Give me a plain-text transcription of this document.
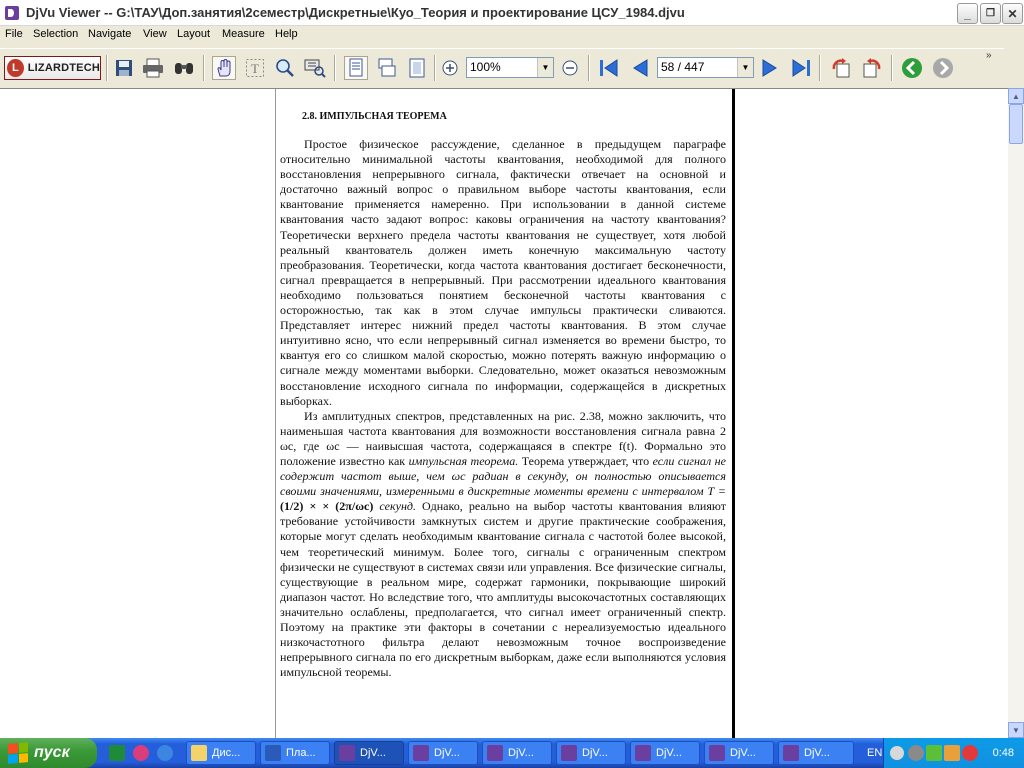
DjVu Viewer -- G:\ТАУ\Доп.занятия\2семестр\Дискретные\Куо_Теория и проектирование ЦСУ_1984.djvu	_ ❐ ✕
File Selection Navigate View Layout Measure Help
L LIZARDTECH	T	100%	▼	58 / 447	▼
»
2.8. ИМПУЛЬСНАЯ ТЕОРЕМА

Простое физическое рассуждение, сделанное в предыдущем параграфе относительно минимальной частоты квантования, необходимой для полного восстановления непрерывного сигнала, фактически отвечает на основной и достаточно важный вопрос о правильном выборе частоты квантования, если квантование применяется намеренно. При использовании в данной системе квантования часто задают вопрос: каковы ограничения на частоту квантования? Теоретически верхнего предела частоты квантования не существует, хотя любой реальный квантователь должен иметь конечную максимальную частоту преобразования. Теоретически, когда частота квантования достигает бесконечности, сигнал превращается в непрерывный. При рассмотрении идеального квантования необходимо пользоваться понятием бесконечной частоты квантования с осторожностью, так как в этом случае импульсы практически сливаются. Представляет интерес нижний предел частоты квантования. В этом случае интуитивно ясно, что если непрерывный сигнал изменяется во времени быстро, то квантуя его со слишком малой скоростью, можно потерять важную информацию о сигнале между моментами выборки. Следовательно, может оказаться невозможным восстановление исходного сигнала по информации, содержащейся в дискретных выборках.

Из амплитудных спектров, представленных на рис. 2.38, можно заключить, что наименьшая частота квантования для возможности восстановления сигнала равна 2 ωc, где ωc — наивысшая частота, содержащаяся в спектре f(t). Формально это положение известно как импульсная теорема. Теорема утверждает, что если сигнал не содержит частот выше, чем ωc радиан в секунду, он полностью описывается своими значениями, измеренными в дискретные моменты времени с интервалом T = (1/2) × × (2π/ωc) секунд. Однако, реально на выбор частоты квантования влияют требование устойчивости замкнутых систем и другие практические соображения, которые могут сделать необходимым квантование сигнала с частотой более высокой, чем теоретический минимум. Более того, сигналы с ограниченным спектром физически не существуют в системах связи или управления. Все физические сигналы, существующие в реальном мире, содержат гармоники, покрывающие широкий диапазон частот. Но вследствие того, что амплитуды высокочастотных составляющих значительно ослаблены, предполагается, что сигнал имеет ограниченный спектр. Поэтому на практике эти факторы в сочетании с нереализуемостью идеального низкочастотного фильтра делают невозможным точное воспроизведение непрерывного сигнала по его дискретным выборкам, даже если выполняются условия импульсной теоремы.

▲
▼
пуск	Дис...	Пла...	DjV...	DjV...	DjV...	DjV...	DjV...	DjV...	DjV...	EN	0:48
